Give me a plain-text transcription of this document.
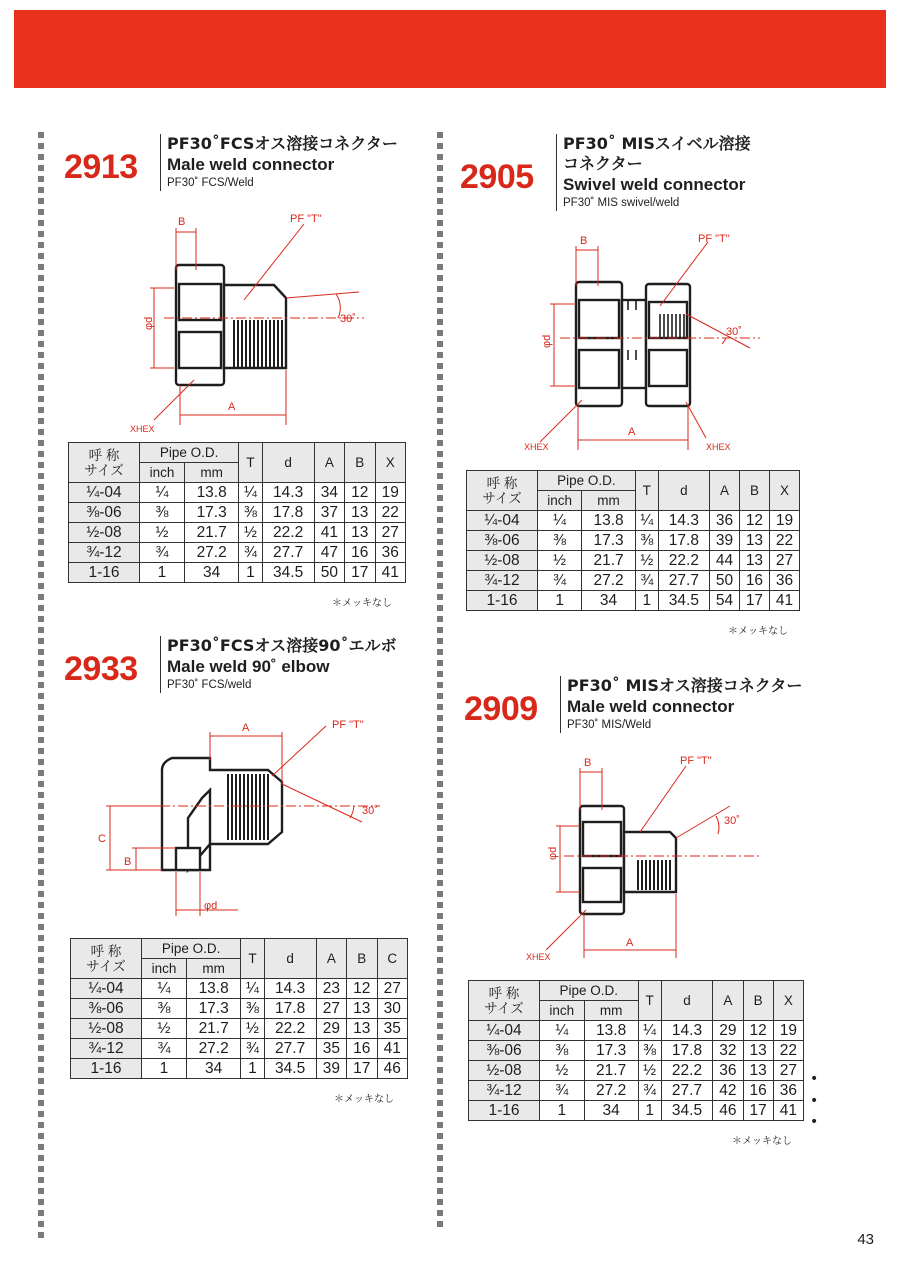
2913
PF30˚FCSオス溶接コネクター
Male weld connector
PF30˚ FCS/Weld
B	PF "T"
30˚
φd
A
XHEX
呼 称
サイズ	Pipe O.D.		T	d	A	B	X
	inch	mm					
¼-04	¼	13.8	¼	14.3	34	12	19
⅜-06	⅜	17.3	⅜	17.8	37	13	22
½-08	½	21.7	½	22.2	41	13	27
¾-12	¾	27.2	¾	27.7	47	16	36
1-16	1	34	1	34.5	50	17	41
＊メッキなし
2933
PF30˚FCSオス溶接90˚エルボ
Male weld 90˚ elbow
PF30˚ FCS/weld
A	PF "T"
30˚
C
B
φd
呼 称
サイズ	Pipe O.D.		T	d	A	B	C
	inch	mm					
¼-04	¼	13.8	¼	14.3	23	12	27
⅜-06	⅜	17.3	⅜	17.8	27	13	30
½-08	½	21.7	½	22.2	29	13	35
¾-12	¾	27.2	¾	27.7	35	16	41
1-16	1	34	1	34.5	39	17	46
＊メッキなし
2905
PF30˚ MISスイベル溶接
コネクター
Swivel weld connector
PF30˚ MIS swivel/weld
B	PF "T"
30˚
φd
A
XHEX	XHEX
呼 称
サイズ	Pipe O.D.		T	d	A	B	X
	inch	mm					
¼-04	¼	13.8	¼	14.3	36	12	19
⅜-06	⅜	17.3	⅜	17.8	39	13	22
½-08	½	21.7	½	22.2	44	13	27
¾-12	¾	27.2	¾	27.7	50	16	36
1-16	1	34	1	34.5	54	17	41
＊メッキなし
2909
PF30˚ MISオス溶接コネクター
Male weld connector
PF30˚ MIS/Weld
B	PF "T"
30˚
φd
A
XHEX
呼 称
サイズ	Pipe O.D.		T	d	A	B	X
	inch	mm					
¼-04	¼	13.8	¼	14.3	29	12	19
⅜-06	⅜	17.3	⅜	17.8	32	13	22
½-08	½	21.7	½	22.2	36	13	27
¾-12	¾	27.2	¾	27.7	42	16	36
1-16	1	34	1	34.5	46	17	41
•
•
•
＊メッキなし
43
